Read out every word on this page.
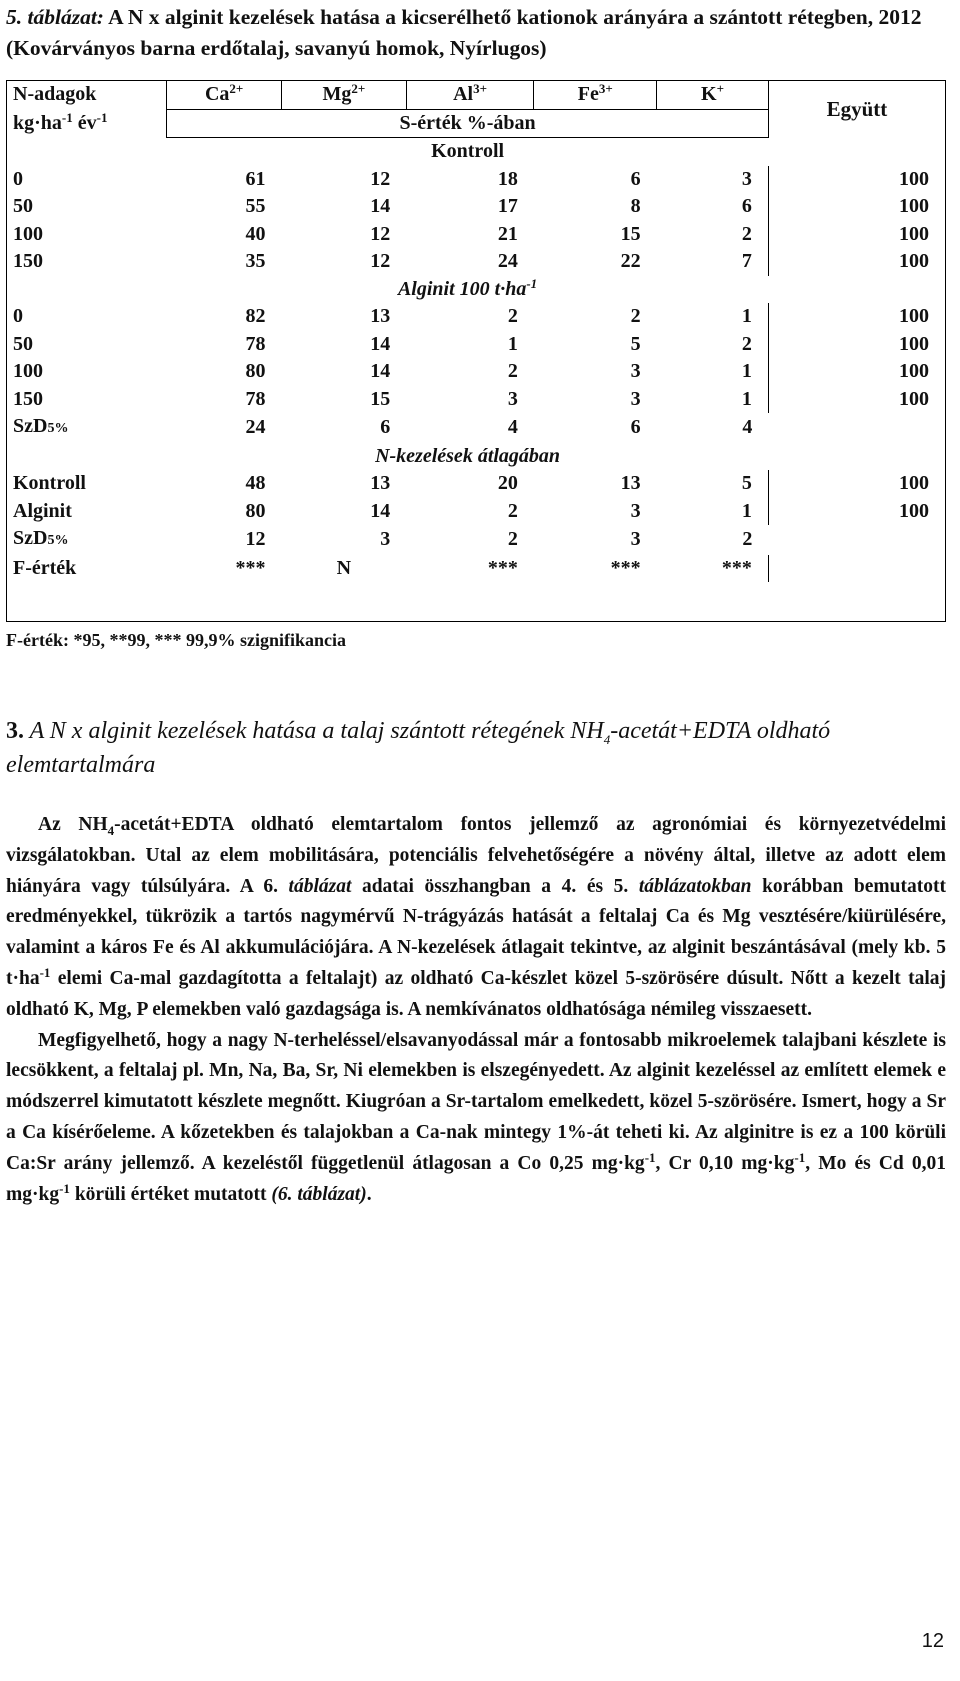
5. táblázat: A N x alginit kezelések hatása a kicserélhető kationok arányára a szántott rétegben, 2012 (Kovárványos barna erdőtalaj, savanyú homok, Nyírlugos)
N-adagok	$Ca^{2+}$	$Mg^{2+}$	$Al^{3+}$	$Fe^{3+}$	K+	Együtt
$kg\cdot ha^{-1}$ $év^{-1}$	S-érték %-ában					
	Kontroll					
0	61	12	18	6	3	100
50	55	14	17	8	6	100
100	40	12	21	15	2	100
150	35	12	24	22	7	100
	Alginit 100 $t\cdot ha^{-1}$	
0	82	13	2	2	1	100
50	78	14	1	5	2	100
100	80	14	2	3	1	100
150	78	15	3	3	1	100
SzD5%	24	6	4	6	4	
	N-kezelések átlagában					
Kontroll	48	13	20	13	5	100
Alginit	80	14	2	3	1	100
SzD5%	12	3	2	3	2	
F-érték	***	N	***	***	***	
F-érték: *95, **99, *** 99,9% szignifikancia
3. A N x alginit kezelések hatása a talaj szántott rétegének $NH_4-acetát+EDTA$ oldható elemtartalmára

Az $NH_4-acetát+EDTA$ oldható elemtartalom fontos jellemző az agronómiai és környezetvédelmi vizsgálatokban. Utal az elem mobilitására, potenciális felvehetőségére a növény által, illetve az adott elem hiányára vagy túlsúlyára. A 6. táblázat adatai összhangban a 4. és 5. táblázatokban korábban bemutatott eredményekkel, tükrözik a tartós nagymérvű N-trágyázás hatását a feltalaj Ca és Mg vesztésére/kiürülésére, valamint a káros Fe és Al akkumulációjára. A N-kezelések átlagait tekintve, az alginit beszántásával (mely kb. 5 $t\cdot ha^{-1}$ elemi Ca-mal gazdagította a feltalajt) az oldható Ca-készlet közel 5-szörösére dúsult. Nőtt a kezelt talaj oldható K, Mg, P elemekben való gazdagsága is. A nemkívánatos oldhatósága némileg visszaesett.

Megfigyelhető, hogy a nagy N-terheléssel/elsavanyodással már a fontosabb mikroelemek talajbani készlete is lecsökkent, a feltalaj pl. Mn, Na, Ba, Sr, Ni elemekben is elszegényedett. Az alginit kezeléssel az említett elemek e módszerrel kimutatott készlete megnőtt. Kiugróan a Sr-tartalom emelkedett, közel 5-szörösére. Ismert, hogy a Sr a Ca kísérőeleme. A kőzetekben és talajokban a Ca-nak mintegy 1%-át teheti ki. Az alginitre is ez a 100 körüli Ca:Sr arány jellemző. A kezeléstől függetlenül átlagosan a Co 0,25 $mg\cdot kg^{-1}$, Cr 0,10 $mg\cdot kg^{-1}$, Mo és Cd 0,01 $mg\cdot kg^{-1}$ körüli értéket mutatott (6. táblázat).

12
